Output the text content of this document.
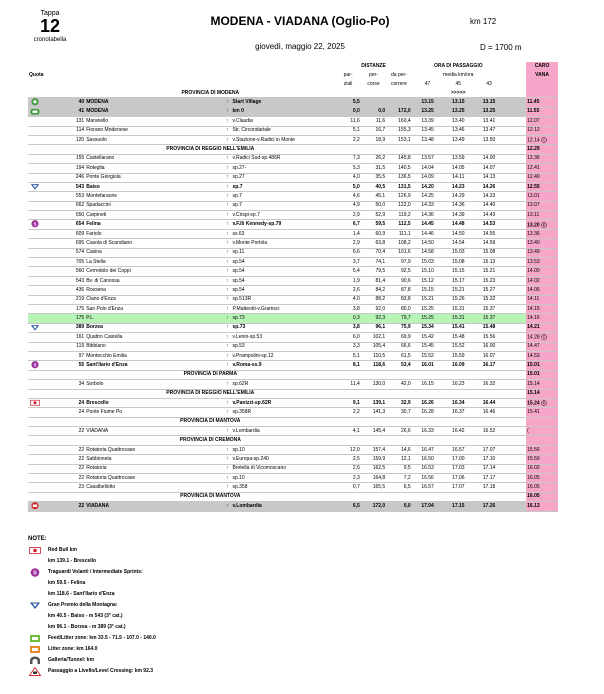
Tappa
12
cronotabella
MODENA - VIADANA (Oglio-Po)
giovedì, maggio 22, 2025
km 172
D = 1700 m
					DISTANZE			ORA DI PASSAGGIO				CARO
Quota					par-	per-	da per-	media km/ora				VANA
					ziali	corse	correre	47	45	43		
		PROVINCIA DI MODENA						>>>>>				

	40	MODENA	↑	Start Village	5,5			13.15	13.15	13.15		11.45

	41	MODENA	↑	km 0	0,0	0,0	172,0	13.25	13.25	13.25		11.55
	131	Maranello	↑	v.Claudia	11,6	11,6	160,4	13.39	13.40	13.41		12.07
	114	Fiorano Modenese	↑	Str. Circondariale	5,1	16,7	155,3	13.45	13.46	13.47		12.12
	120	Sassuolo	↑	v.Stazione-v.Radici in Monte	2,2	18,9	153,1	13.48	13.49	13.50		12.14 C

		PROVINCIA DI REGGIO NELL'EMILIA										12.29
	155	Castellarano	↑	v.Radici Sud-sp.486R	7,3	26,2	145,8	13.57	13.59	14.00		12.36
	194	Roteglia	↑	sp.27-	5,3	31,5	140,5	14.04	14.05	14.07		12.41
	246	Ponte Giorgiola	↑	sp.27	4,0	35,5	136,5	14.09	14.11	14.13		12.49

	543	Baiso	↑	sp.7	5,0	40,5	131,5	14.20	14.23	14.26		12.55
	553	Montefaraone	↑	sp.7	4,6	45,1	126,9	14.25	14.29	14.33		13.01
	662	Spadaccini	↑	sp.7	4,9	50,0	122,0	14.33	14.36	14.40		13.07
	650	Carpineti	↑	v.Crispi-sp.7	2,9	52,9	119,2	14.36	14.39	14.43		13.11

S	654	Felina	↑	v.F.lli Kennedy-sp.79	6,7	59,5	112,5	14.45	14.48	14.53		13.20 C

	609	Fariolo	↑	ss.63	1,4	60,9	111,1	14.46	14.50	14.55		13.36
	695	Casola di Scandiano	↑	v.Monte Portola	2,9	63,8	108,2	14.50	14.54	14.59		13.40
	574	Casina	↑	sp.11	6,6	70,4	101,6	14.58	15.03	15.08		13.49
	705	La Stella	↑	sp.54	3,7	74,1	97,9	15.03	15.08	15.13		13.53
	560	Cerredolo dei Coppi	↑	sp.54	5,4	79,5	92,5	15.10	15.15	15.21		14.00
	543	Bv. di Canossa	↑	sp.54	1,9	81,4	90,6	15.12	15.17	15.23		14.02
	436	Rossena	↑	sp.54	2,6	84,2	87,8	15.15	15.21	15.27		14.06
	219	Ciano d'Enza	↑	sp.513R	4,0	88,2	83,8	15.21	15.26	15.32		14.11
	175	San Polo d'Enza	↑	P.Matteotti-v.Gramsci	3,8	92,0	80,0	15.25	15.31	15.37		14.15
	175	P.L.	↑	sp.73	0,3	92,3	79,7	15.25	15.31	15.37		14.16

	389	Borzea	↑	sp.73	3,8	96,1	75,9	15.34	15.41	15.48		14.21
	161	Quattro Castella	↑	v.Lenin-sp.53	6,0	102,1	69,9	15.42	15.48	15.56		14.28 C

	119	Bibbiano	↑	sp.53	3,3	105,4	66,6	15.45	15.52	16.00		14.47
	97	Montecchio Emilia	↑	v.Prampolini-sp.12	5,1	110,5	61,5	15.52	15.59	16.07		14.53

S	55	Sant'Ilario d'Enza	↑	v.Roma-ss.9	8,1	118,6	53,4	16.01	16.09	16.17		15.01
		PROVINCIA DI PARMA										15.01
	34	Sorbolo	↑	sp.62R	11,4	130,0	42,0	16.15	16.23	16.32		15.14
		PROVINCIA DI REGGIO NELL'EMILIA										15.14

	24	Brescello	↑	v.Panizzi-sp.62R	9,1	139,1	32,9	16.26	16.34	16.44		15.24 C

	24	Ponte Fiume Po	↑	sp.358R	2,2	141,3	30,7	16.28	16.37	16.46		15.41
		PROVINCIA DI MANTOVA										
	22	VIADANA	↑	v.Lombardia	4,1	145,4	26,6	16.33	16.42	16.52		(
		PROVINCIA DI CREMONA										
	22	Rotatoria Quattrocase	↑	sp.10	12,0	157,4	14,6	16.47	16.57	17.07		15.56
	22	Sabbioneta	↑	v.Europa-sp.240	2,5	159,9	12,1	16.50	17.00	17.10		15.59
	22	Rotatoria	↑	Bretella di Vicomoscano	2,6	162,5	9,5	16.53	17.03	17.14		16.02
	22	Rotatoria Quattrocase	↑	sp.10	2,3	164,8	7,2	16.56	17.06	17.17		16.05
	23	Casalbellotto	↑	sp.358	0,7	165,5	6,5	16.57	17.07	17.18		16.05
		PROVINCIA DI MANTOVA										16.05

	22	VIADANA	↑	v.Lombardia	6,5	172,0	0,0	17.04	17.15	17.26		16.13
NOTE:
Red Bull km
km 139.1 - Brescello
S Traguardi Volanti / Intermediate Sprints:
km 59.5 - Felina
km 118.6 - Sant'Ilario d'Enza
Gran Premio della Montagna:
km 40.5 - Baiso - m 543 (3° cat.)
km 96.1 - Borzea - m 389 (3° cat.)
Feed/Litter zone: km 33.5 - 71.5 - 107.0 - 140.0
Litter zone: km 164.0
Galleria/Tunnel: km
Passaggio a Livello/Level Crossing: km 92.3
